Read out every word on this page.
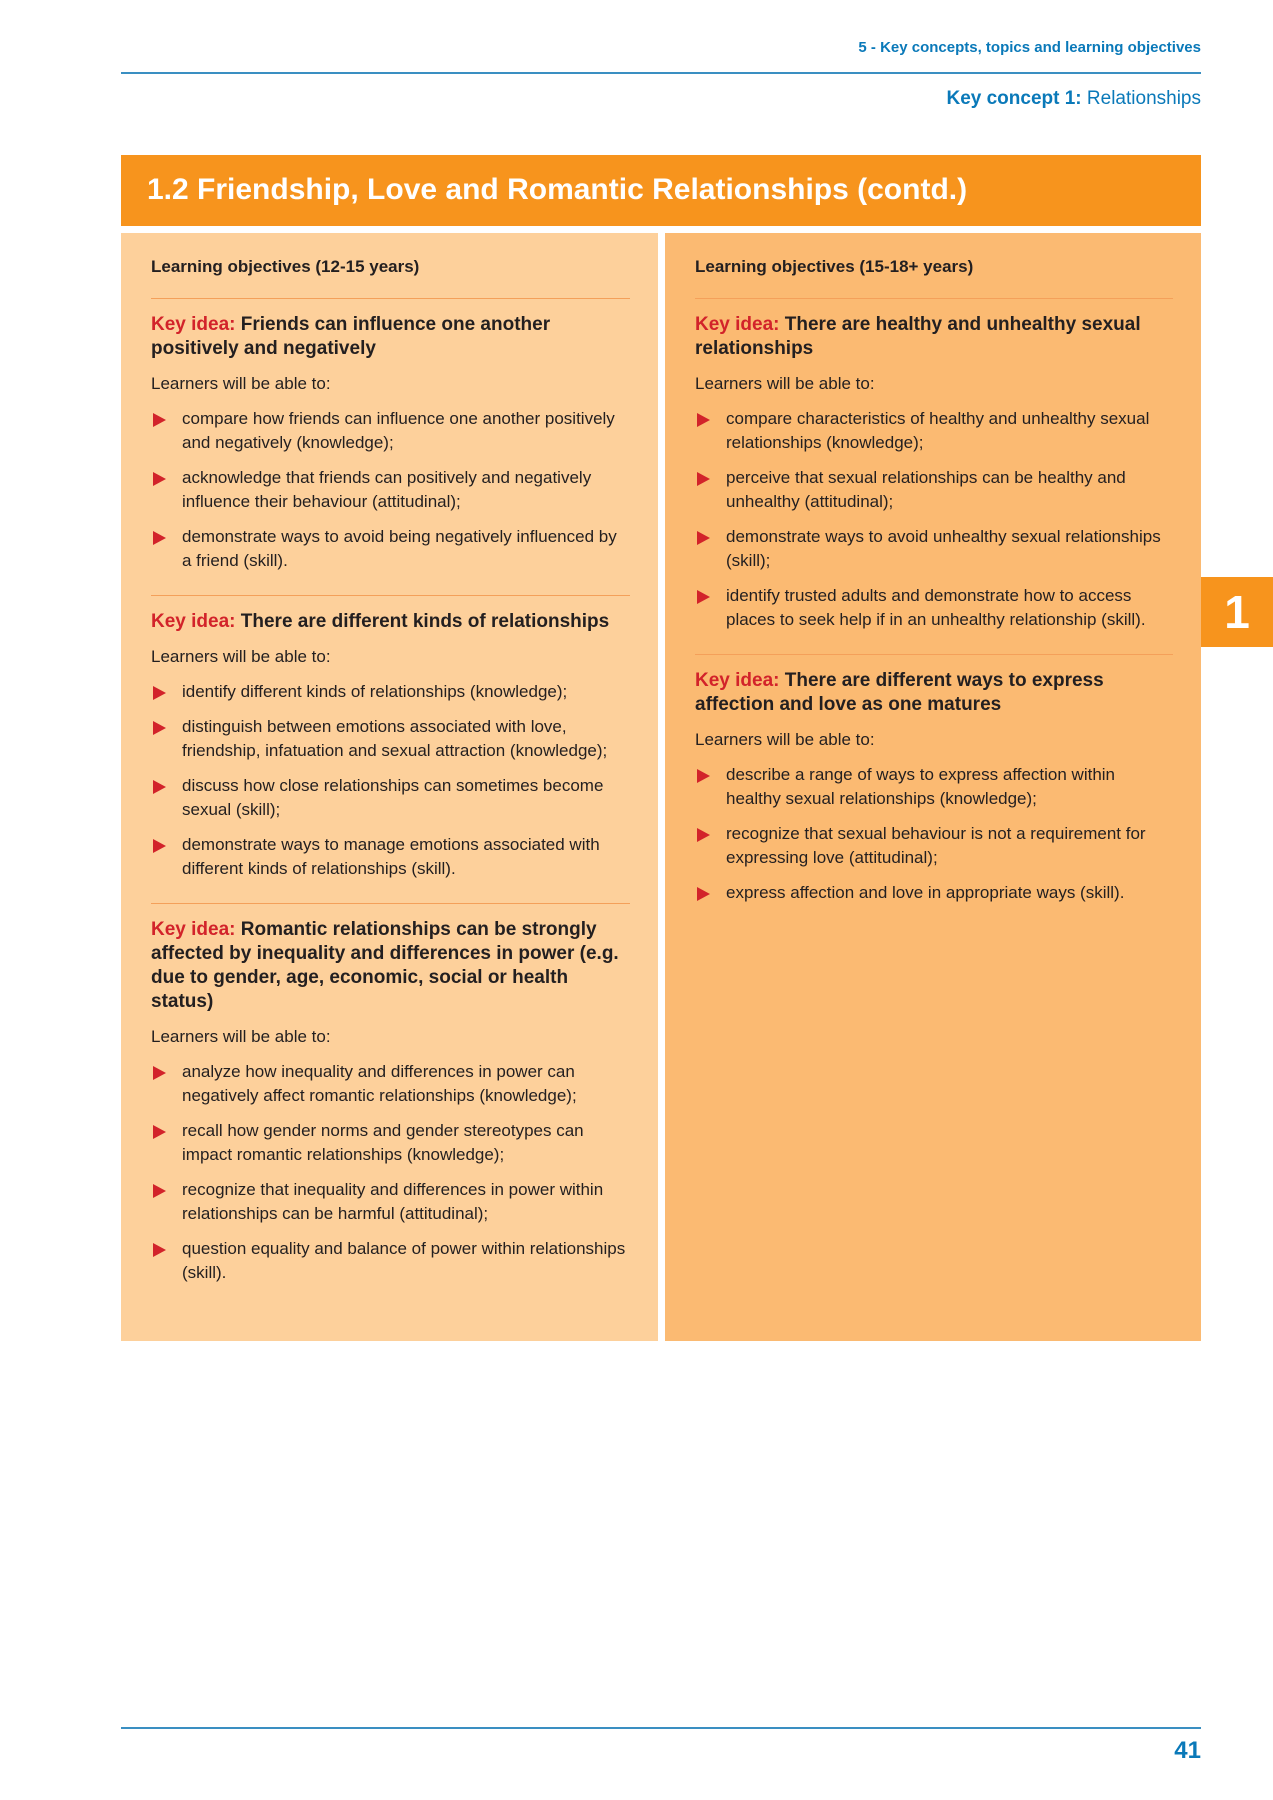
5 - Key concepts, topics and learning objectives
Key concept 1: Relationships
1.2 Friendship, Love and Romantic Relationships (contd.)
Learning objectives (12-15 years)
Key idea: Friends can influence one another positively and negatively
Learners will be able to:
compare how friends can influence one another positively and negatively (knowledge);
acknowledge that friends can positively and negatively influence their behaviour (attitudinal);
demonstrate ways to avoid being negatively influenced by a friend (skill).
Key idea: There are different kinds of relationships
Learners will be able to:
identify different kinds of relationships (knowledge);
distinguish between emotions associated with love, friendship, infatuation and sexual attraction (knowledge);
discuss how close relationships can sometimes become sexual (skill);
demonstrate ways to manage emotions associated with different kinds of relationships (skill).
Key idea: Romantic relationships can be strongly affected by inequality and differences in power (e.g. due to gender, age, economic, social or health status)
Learners will be able to:
analyze how inequality and differences in power can negatively affect romantic relationships (knowledge);
recall how gender norms and gender stereotypes can impact romantic relationships (knowledge);
recognize that inequality and differences in power within relationships can be harmful (attitudinal);
question equality and balance of power within relationships (skill).
Learning objectives (15-18+ years)
Key idea: There are healthy and unhealthy sexual relationships
Learners will be able to:
compare characteristics of healthy and unhealthy sexual relationships (knowledge);
perceive that sexual relationships can be healthy and unhealthy (attitudinal);
demonstrate ways to avoid unhealthy sexual relationships (skill);
identify trusted adults and demonstrate how to access places to seek help if in an unhealthy relationship (skill).
Key idea: There are different ways to express affection and love as one matures
Learners will be able to:
describe a range of ways to express affection within healthy sexual relationships (knowledge);
recognize that sexual behaviour is not a requirement for expressing love (attitudinal);
express affection and love in appropriate ways (skill).
1
41
